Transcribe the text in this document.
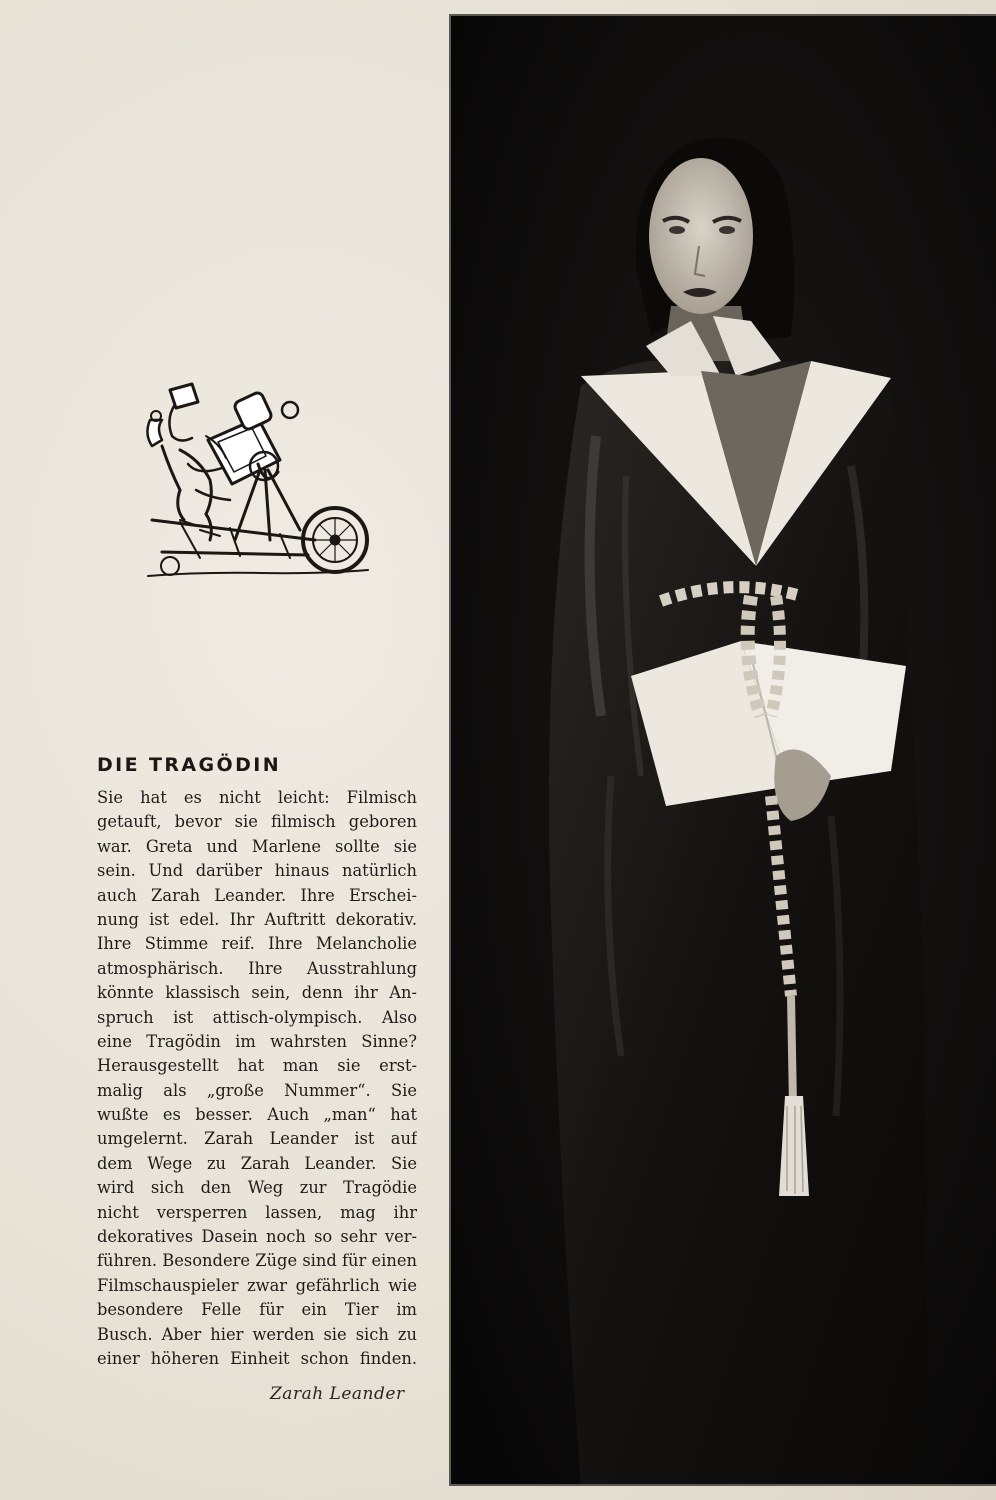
DIE TRAGÖDIN
Sie hat es nicht leicht: Filmisch
getauft, bevor sie filmisch geboren
war. Greta und Marlene sollte sie
sein. Und darüber hinaus natürlich
auch Zarah Leander. Ihre Erschei-
nung ist edel. Ihr Auftritt dekorativ.
Ihre Stimme reif. Ihre Melancholie
atmosphärisch. Ihre Ausstrahlung
könnte klassisch sein, denn ihr An-
spruch ist attisch-olympisch. Also
eine Tragödin im wahrsten Sinne?
Herausgestellt hat man sie erst-
malig als „große Nummer“. Sie
wußte es besser. Auch „man“ hat
umgelernt. Zarah Leander ist auf
dem Wege zu Zarah Leander. Sie
wird sich den Weg zur Tragödie
nicht versperren lassen, mag ihr
dekoratives Dasein noch so sehr ver-
führen. Besondere Züge sind für einen
Filmschauspieler zwar gefährlich wie
besondere Felle für ein Tier im
Busch. Aber hier werden sie sich zu
einer höheren Einheit schon finden.
Zarah Leander
